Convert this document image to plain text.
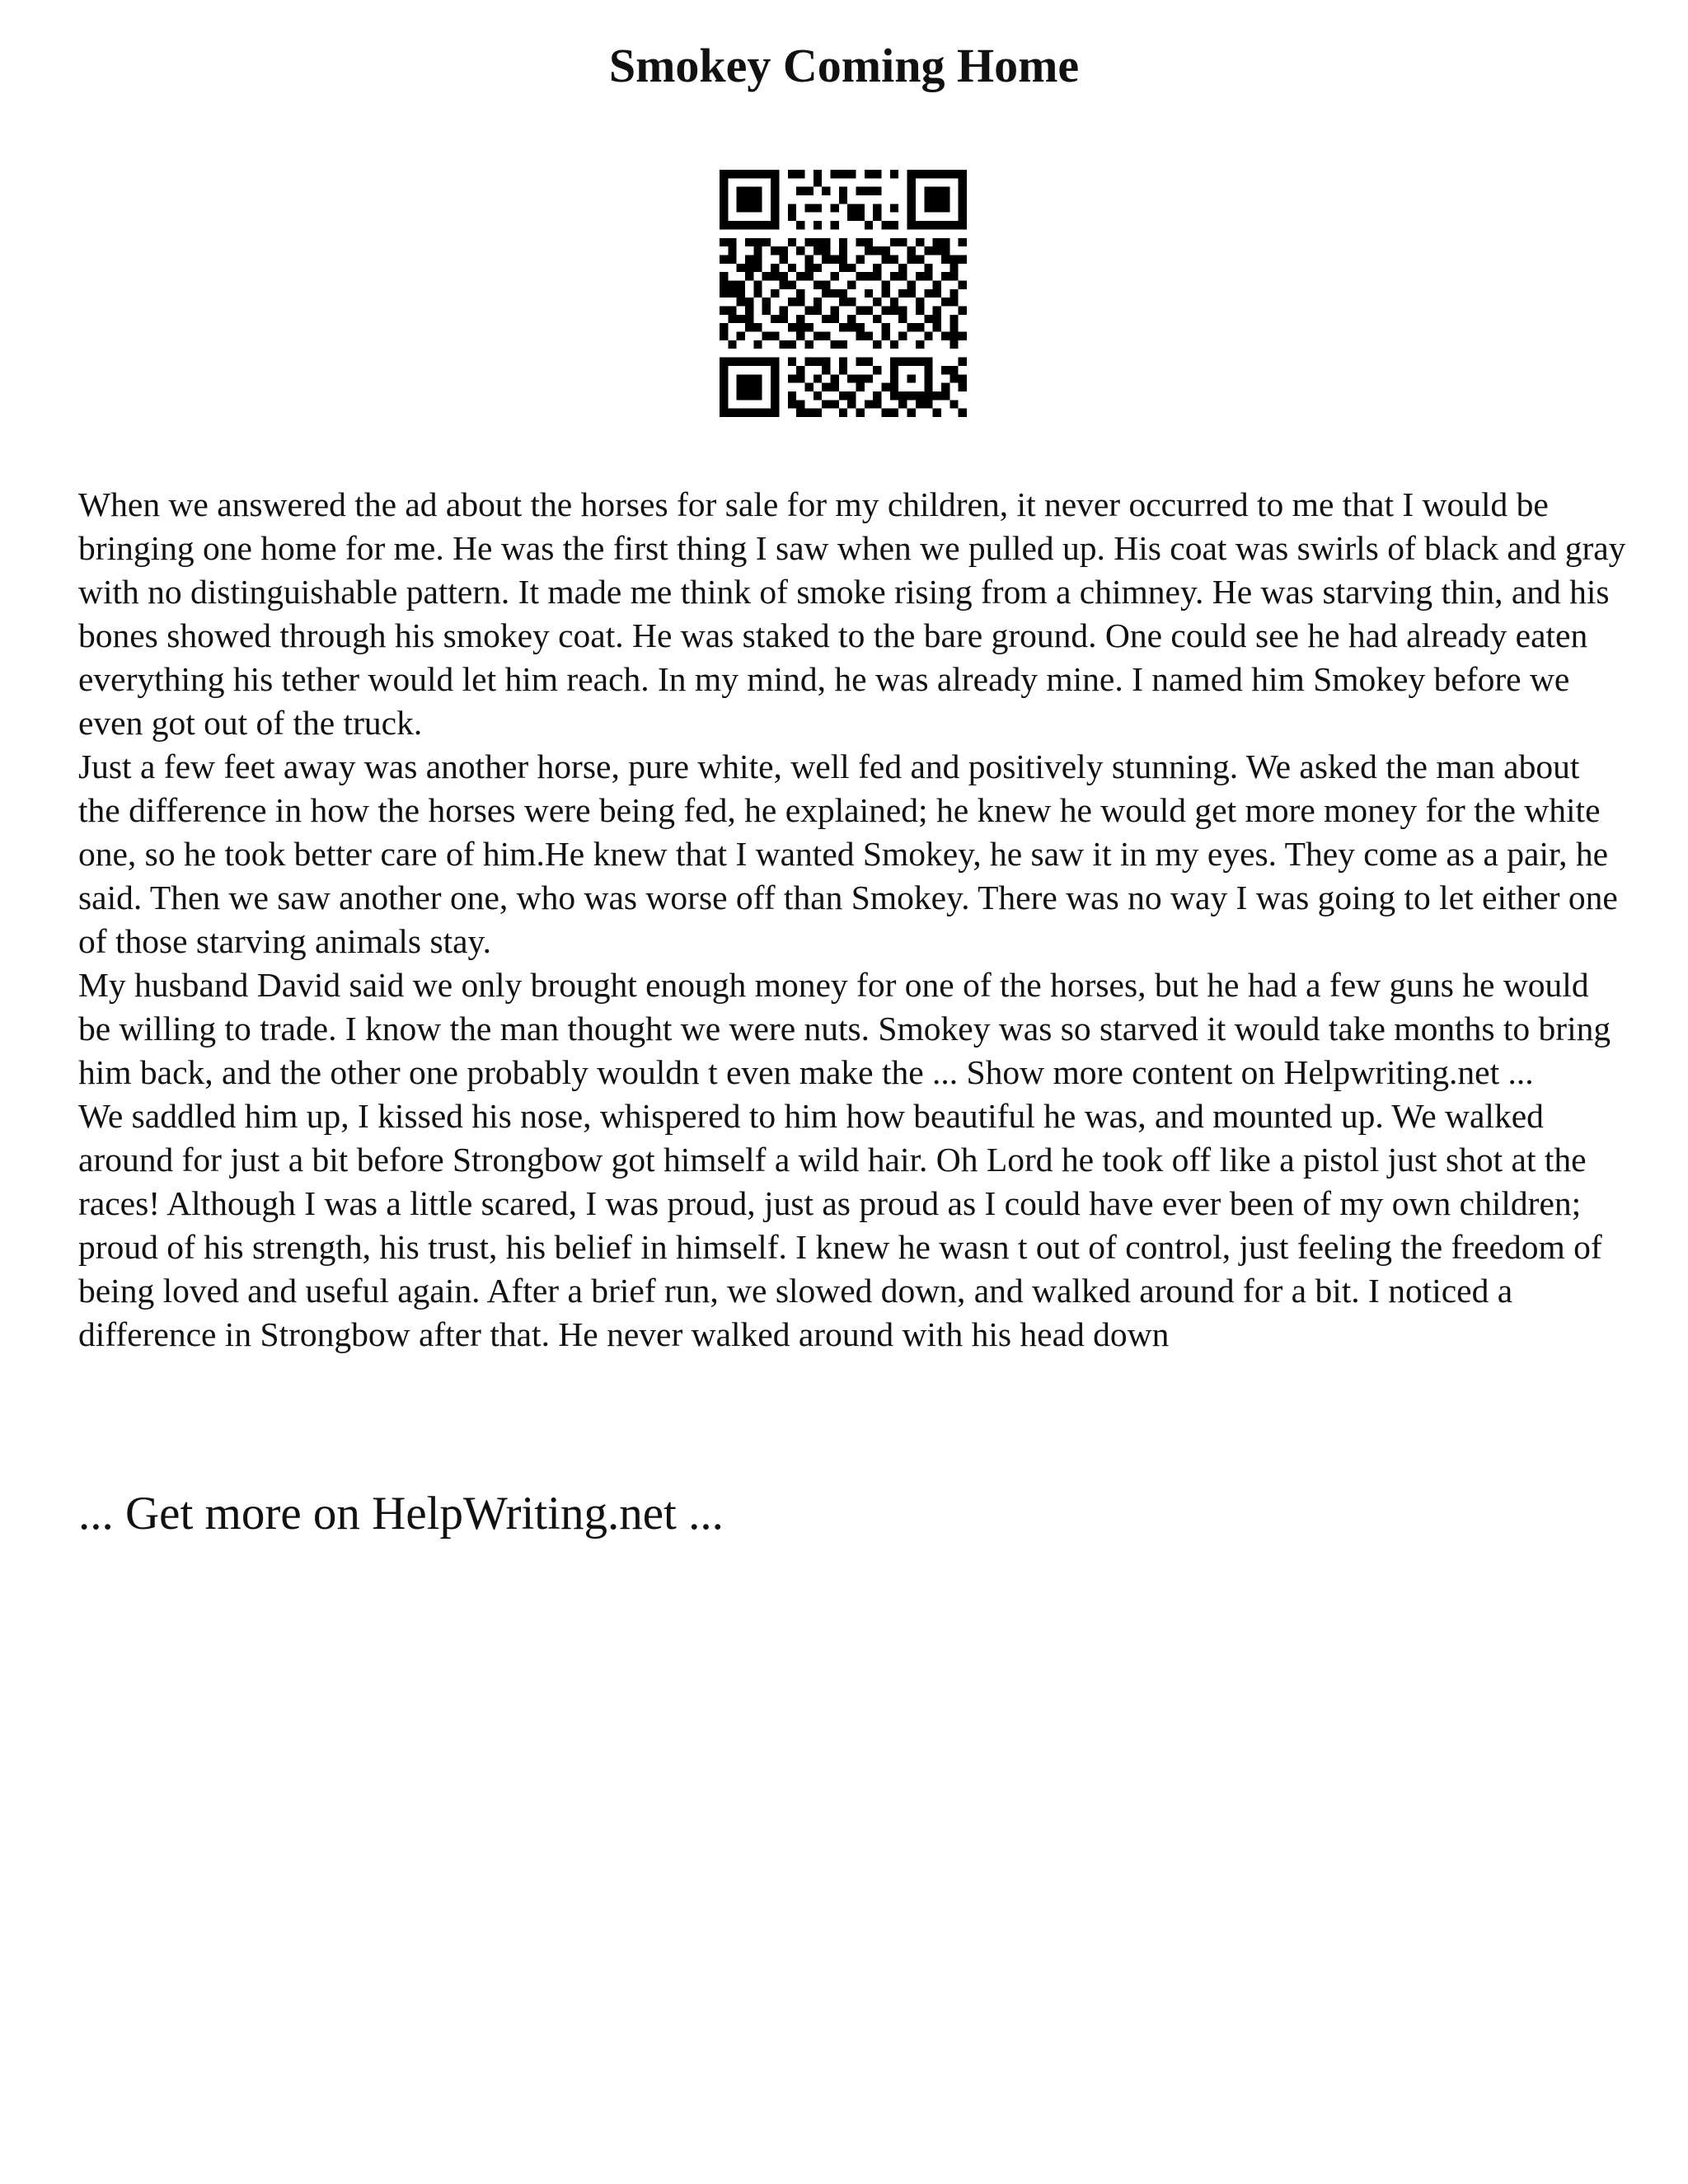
Smokey Coming Home

When we answered the ad about the horses for sale for my children, it never occurred to me that I would be bringing one home for me. He was the first thing I saw when we pulled up. His coat was swirls of black and gray with no distinguishable pattern. It made me think of smoke rising from a chimney. He was starving thin, and his bones showed through his smokey coat. He was staked to the bare ground. One could see he had already eaten everything his tether would let him reach. In my mind, he was already mine. I named him Smokey before we even got out of the truck.

Just a few feet away was another horse, pure white, well fed and positively stunning. We asked the man about the difference in how the horses were being fed, he explained; he knew he would get more money for the white one, so he took better care of him.He knew that I wanted Smokey, he saw it in my eyes. They come as a pair, he said. Then we saw another one, who was worse off than Smokey. There was no way I was going to let either one of those starving animals stay.

My husband David said we only brought enough money for one of the horses, but he had a few guns he would be willing to trade. I know the man thought we were nuts. Smokey was so starved it would take months to bring him back, and the other one probably wouldn t even make the ... Show more content on Helpwriting.net ...

We saddled him up, I kissed his nose, whispered to him how beautiful he was, and mounted up. We walked around for just a bit before Strongbow got himself a wild hair. Oh Lord he took off like a pistol just shot at the races! Although I was a little scared, I was proud, just as proud as I could have ever been of my own children; proud of his strength, his trust, his belief in himself. I knew he wasn t out of control, just feeling the freedom of being loved and useful again. After a brief run, we slowed down, and walked around for a bit. I noticed a difference in Strongbow after that. He never walked around with his head down

... Get more on HelpWriting.net ...
